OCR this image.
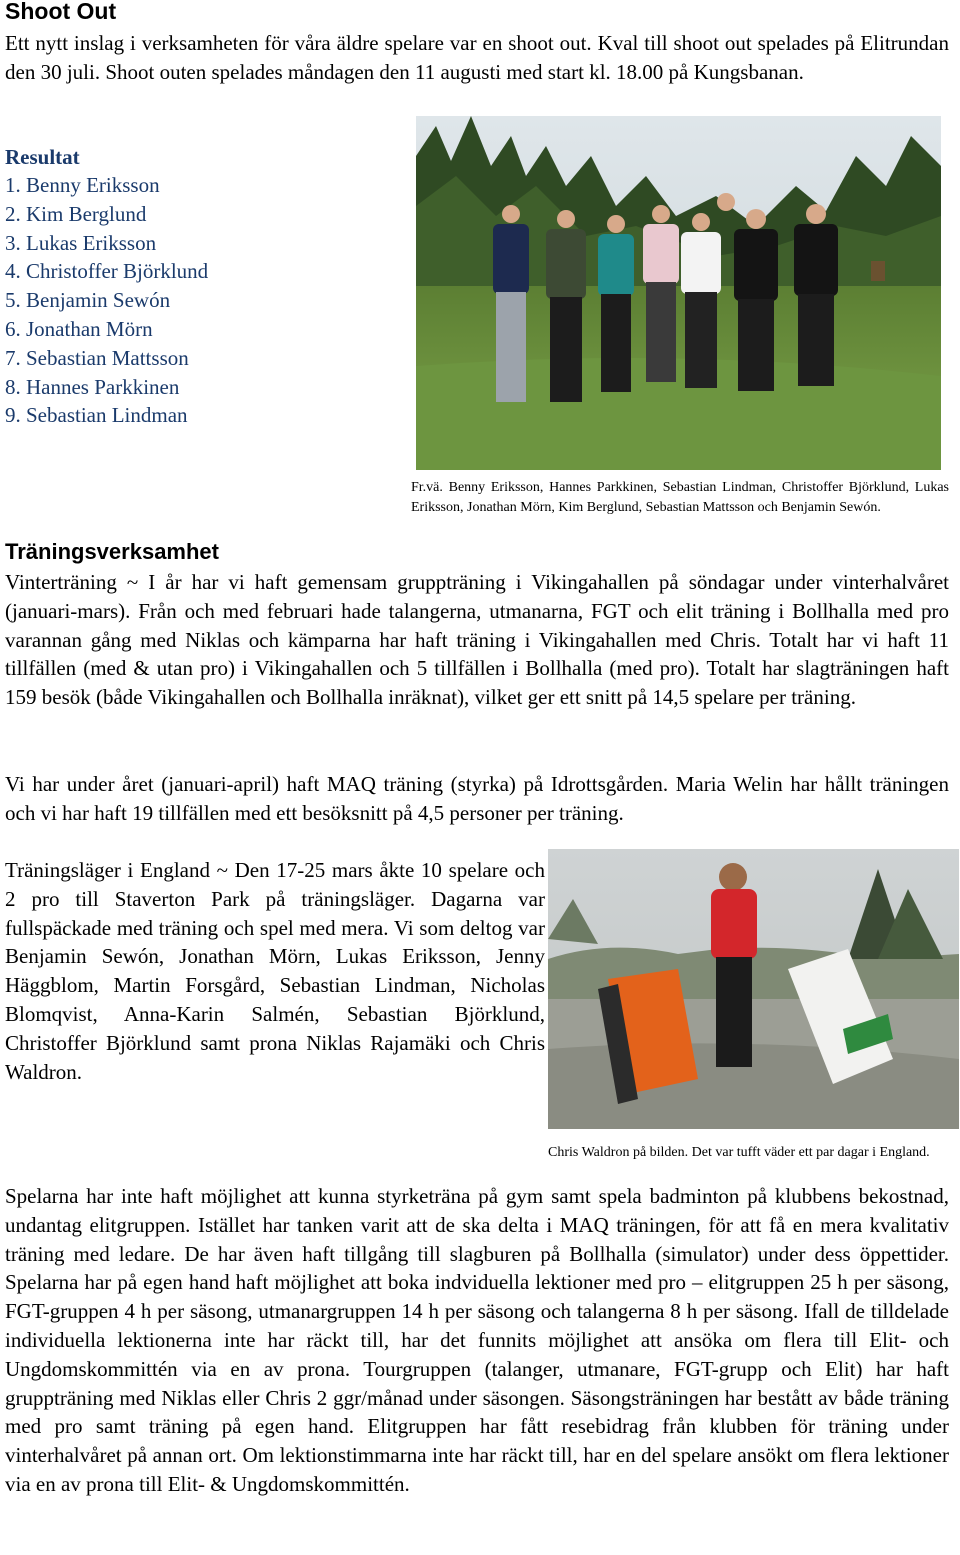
Shoot Out

Ett nytt inslag i verksamheten för våra äldre spelare var en shoot out. Kval till shoot out spelades på Elitrundan den 30 juli. Shoot outen spelades måndagen den 11 augusti med start kl. 18.00 på Kungsbanan.

Resultat
1. Benny Eriksson
2. Kim Berglund
3. Lukas Eriksson
4. Christoffer Björklund
5. Benjamin Sewón
6. Jonathan Mörn
7. Sebastian Mattsson
8. Hannes Parkkinen
9. Sebastian Lindman

Fr.vä. Benny Eriksson, Hannes Parkkinen, Sebastian Lindman, Christoffer Björklund, Lukas Eriksson, Jonathan Mörn, Kim Berglund, Sebastian Mattsson och Benjamin Sewón.

Träningsverksamhet

Vinterträning ~ I år har vi haft gemensam gruppträning i Vikingahallen på söndagar under vinterhalvåret (januari-mars). Från och med februari hade talangerna, utmanarna, FGT och elit träning i Bollhalla med pro varannan gång med Niklas och kämparna har haft träning i Vikingahallen med Chris. Totalt har vi haft 11 tillfällen (med & utan pro) i Vikingahallen och 5 tillfällen i Bollhalla (med pro). Totalt har slagträningen haft 159 besök (både Vikingahallen och Bollhalla inräknat), vilket ger ett snitt på 14,5 spelare per träning.

Vi har under året (januari-april) haft MAQ träning (styrka) på Idrottsgården. Maria Welin har hållt träningen och vi har haft 19 tillfällen med ett besöksnitt på 4,5 personer per träning.

Träningsläger i England ~ Den 17-25 mars åkte 10 spelare och 2 pro till Staverton Park på träningsläger. Dagarna var fullspäckade med träning och spel med mera. Vi som deltog var Benjamin Sewón, Jonathan Mörn, Lukas Eriksson, Jenny Häggblom, Martin Forsgård, Sebastian Lindman, Nicholas Blomqvist, Anna-Karin Salmén, Sebastian Björklund, Christoffer Björklund samt prona Niklas Rajamäki och Chris Waldron.

Chris Waldron på bilden. Det var tufft väder ett par dagar i England.

Spelarna har inte haft möjlighet att kunna styrketräna på gym samt spela badminton på klubbens bekostnad, undantag elitgruppen. Istället har tanken varit att de ska delta i MAQ träningen, för att få en mera kvalitativ träning med ledare. De har även haft tillgång till slagburen på Bollhalla (simulator) under dess öppettider. Spelarna har på egen hand haft möjlighet att boka indviduella lektioner med pro – elitgruppen 25 h per säsong, FGT-gruppen 4 h per säsong, utmanargruppen 14 h per säsong och talangerna 8 h per säsong. Ifall de tilldelade individuella lektionerna inte har räckt till, har det funnits möjlighet att ansöka om flera till Elit- och Ungdomskommittén via en av prona. Tourgruppen (talanger, utmanare, FGT-grupp och Elit) har haft gruppträning med Niklas eller Chris 2 ggr/månad under säsongen. Säsongsträningen har bestått av både träning med pro samt träning på egen hand. Elitgruppen har fått resebidrag från klubben för träning under vinterhalvåret på annan ort. Om lektionstimmarna inte har räckt till, har en del spelare ansökt om flera lektioner via en av prona till Elit- & Ungdomskommittén.
